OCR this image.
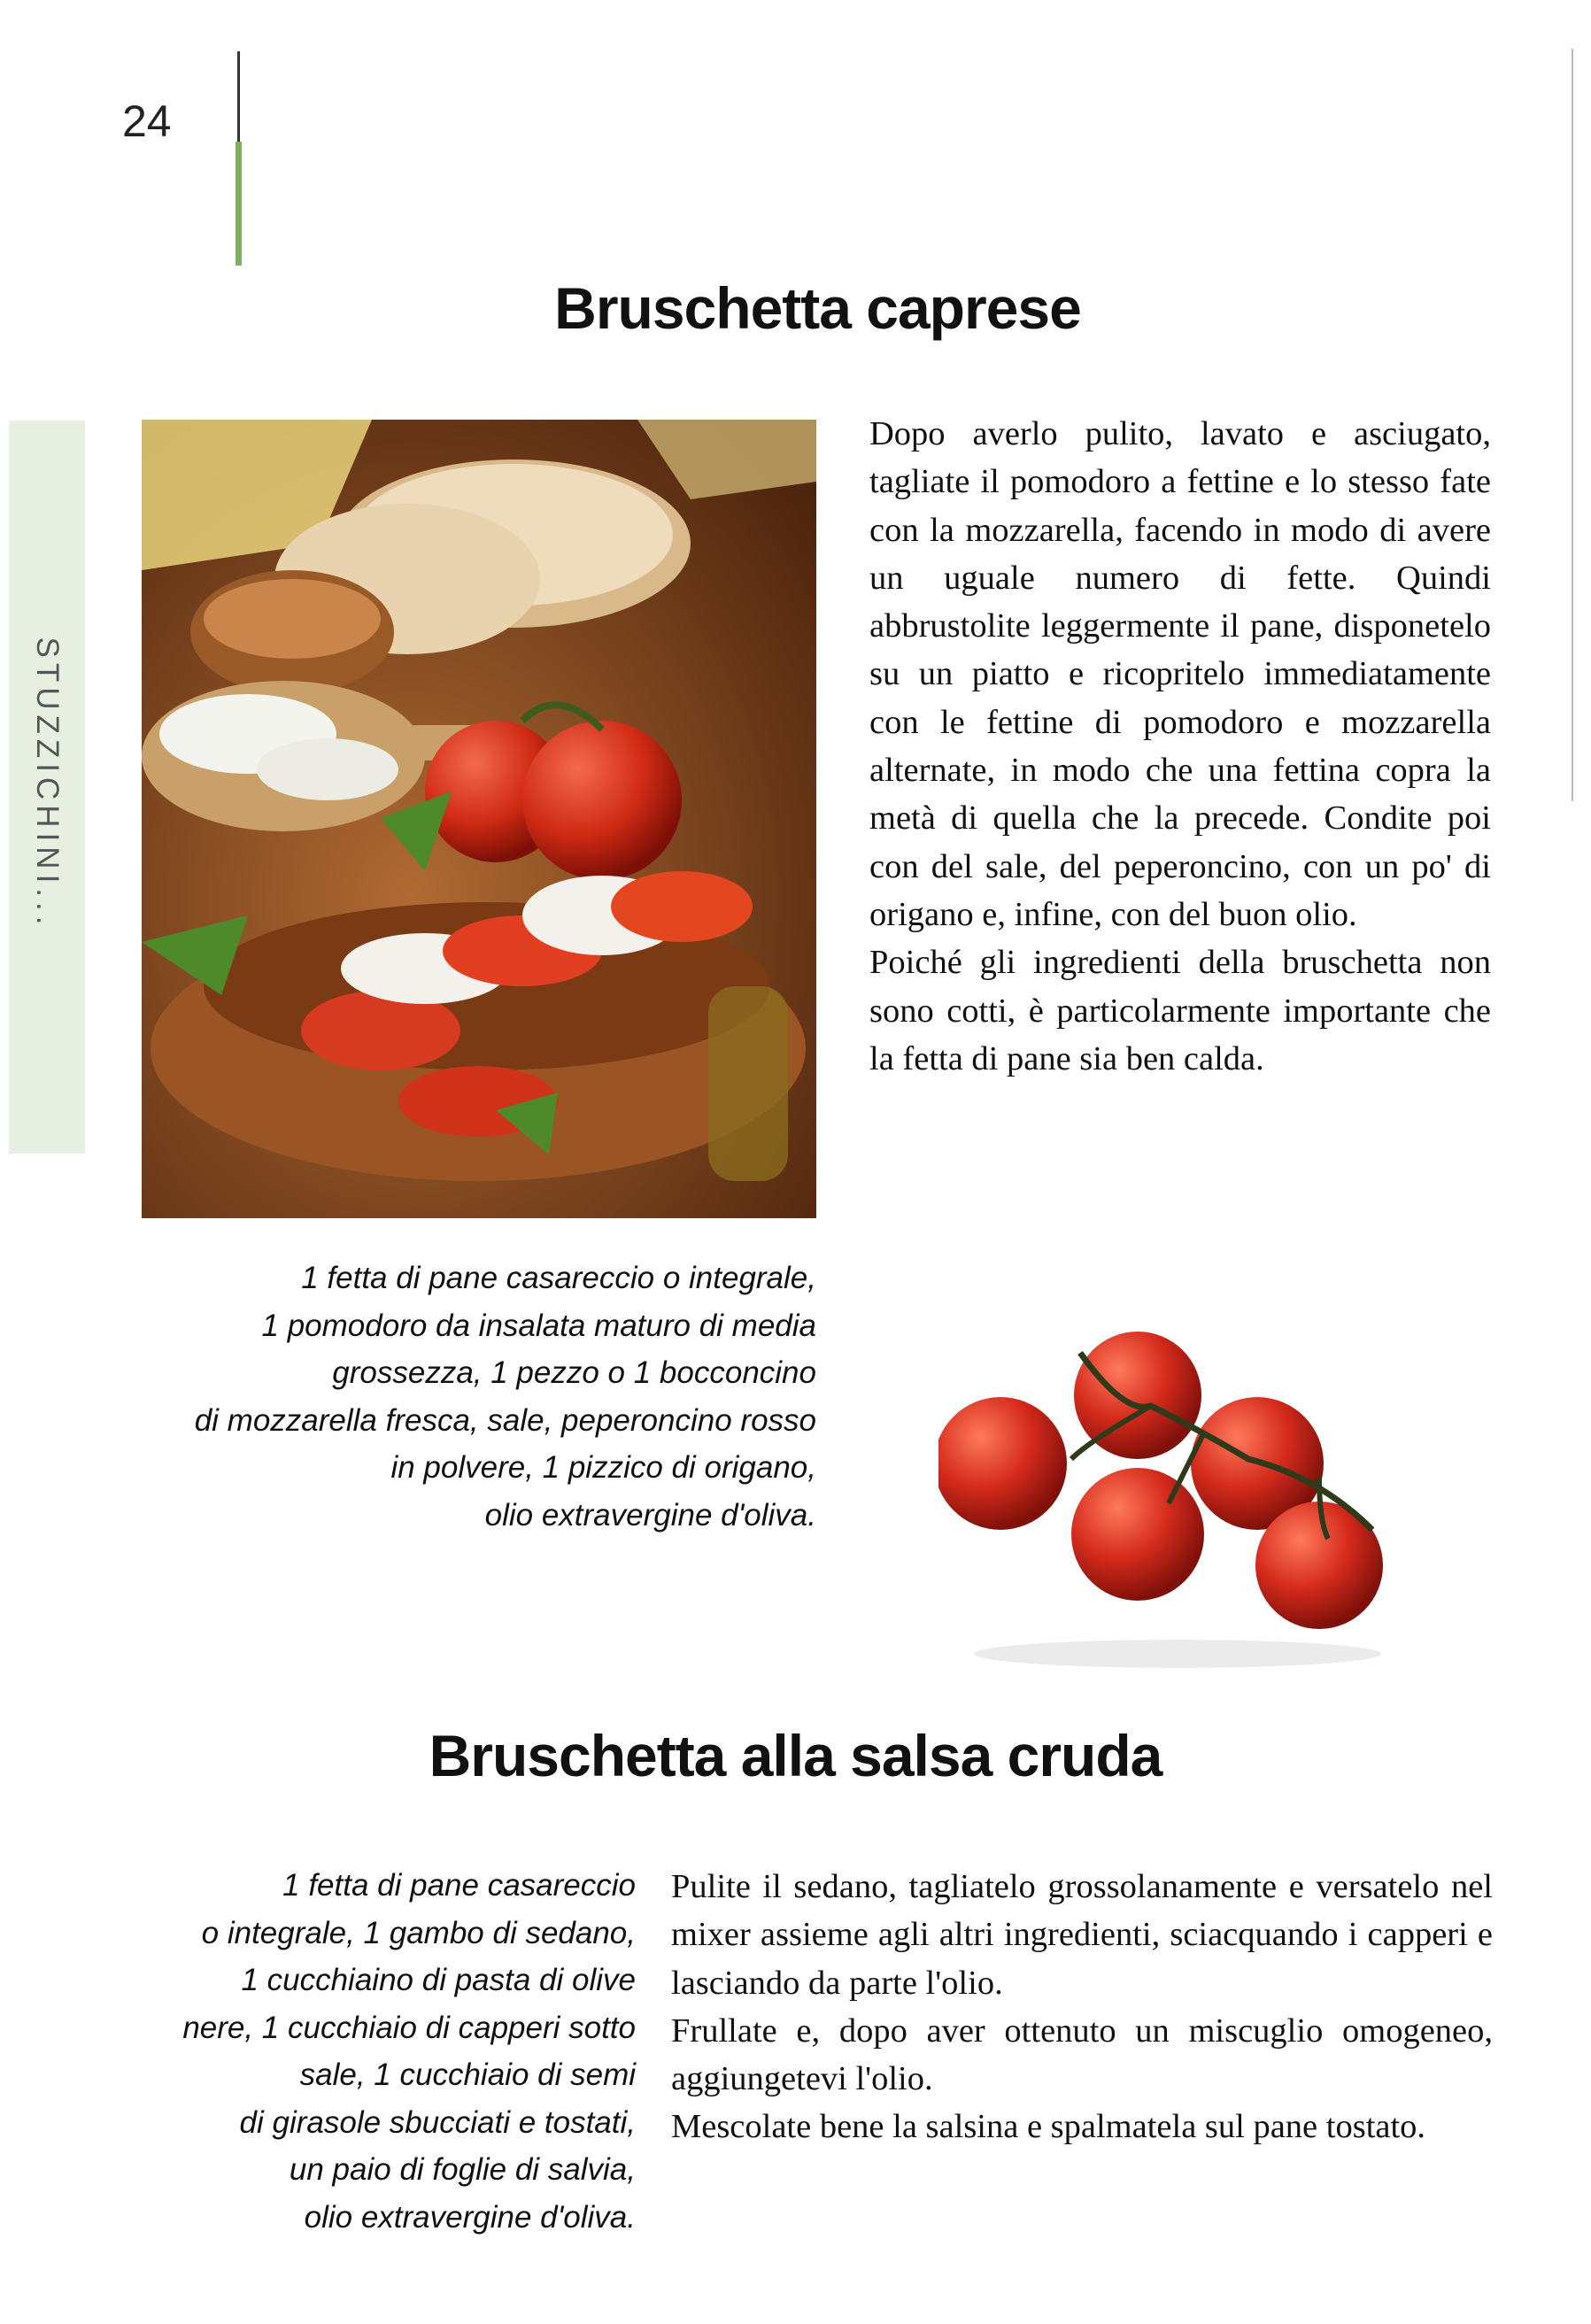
24
STUZZICHINI...
Bruschetta caprese

Dopo averlo pulito, lavato e asciugato, tagliate il pomodoro a fettine e lo stesso fate con la mozzarella, facendo in modo di avere un uguale numero di fette. Quindi abbrustolite leggermente il pane, disponetelo su un piatto e ricopritelo immediatamente con le fettine di pomodoro e mozzarella alternate, in modo che una fettina copra la metà di quella che la precede. Condite poi con del sale, del peperoncino, con un po' di origano e, infine, con del buon olio.
Poiché gli ingredienti della bruschetta non sono cotti, è particolarmente importante che la fetta di pane sia ben calda.

1 fetta di pane casareccio o integrale,
1 pomodoro da insalata maturo di media
grossezza, 1 pezzo o 1 bocconcino
di mozzarella fresca, sale, peperoncino rosso
in polvere, 1 pizzico di origano,
olio extravergine d'oliva.

Bruschetta alla salsa cruda

1 fetta di pane casareccio
o integrale, 1 gambo di sedano,
1 cucchiaino di pasta di olive
nere, 1 cucchiaio di capperi sotto
sale, 1 cucchiaio di semi
di girasole sbucciati e tostati,
un paio di foglie di salvia,
olio extravergine d'oliva.

Pulite il sedano, tagliatelo grossolanamente e versatelo nel mixer assieme agli altri ingredienti, sciacquando i capperi e lasciando da parte l'olio.
Frullate e, dopo aver ottenuto un miscuglio omogeneo, aggiungetevi l'olio.
Mescolate bene la salsina e spalmatela sul pane tostato.
